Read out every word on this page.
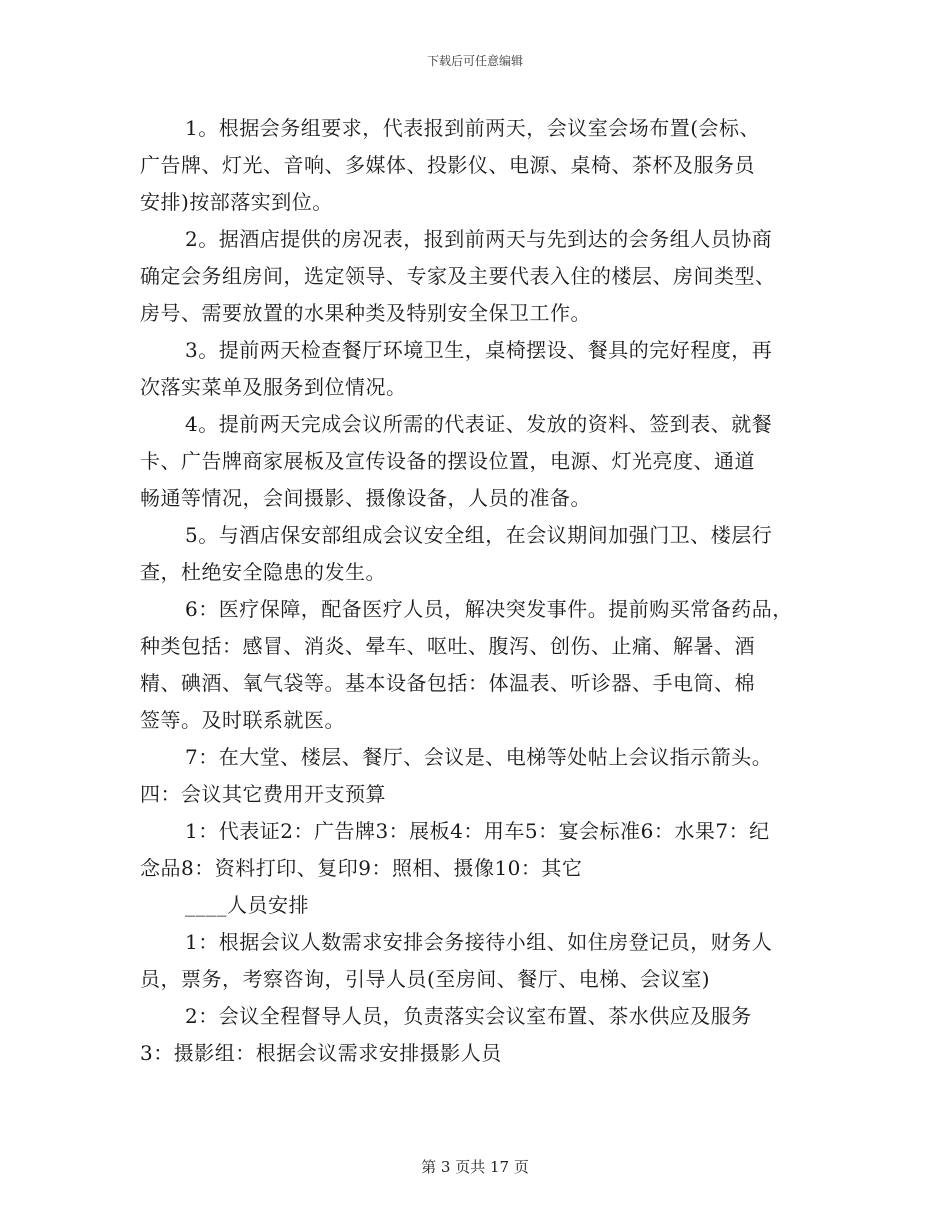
下载后可任意编辑
1。根据会务组要求，代表报到前两天，会议室会场布置(会标、
广告牌、灯光、音响、多媒体、投影仪、电源、桌椅、茶杯及服务员
安排)按部落实到位。
2。据酒店提供的房况表，报到前两天与先到达的会务组人员协商
确定会务组房间，选定领导、专家及主要代表入住的楼层、房间类型、
房号、需要放置的水果种类及特别安全保卫工作。
3。提前两天检查餐厅环境卫生，桌椅摆设、餐具的完好程度，再
次落实菜单及服务到位情况。
4。提前两天完成会议所需的代表证、发放的资料、签到表、就餐
卡、广告牌商家展板及宣传设备的摆设位置，电源、灯光亮度、通道
畅通等情况，会间摄影、摄像设备，人员的准备。
5。与酒店保安部组成会议安全组，在会议期间加强门卫、楼层行
查，杜绝安全隐患的发生。
6：医疗保障，配备医疗人员，解决突发事件。提前购买常备药品，
种类包括：感冒、消炎、晕车、呕吐、腹泻、创伤、止痛、解暑、酒
精、碘酒、氧气袋等。基本设备包括：体温表、听诊器、手电筒、棉
签等。及时联系就医。
7：在大堂、楼层、餐厅、会议是、电梯等处帖上会议指示箭头。
四：会议其它费用开支预算
1：代表证2：广告牌3：展板4：用车5：宴会标准6：水果7：纪
念品8：资料打印、复印9：照相、摄像10：其它
____人员安排
1：根据会议人数需求安排会务接待小组、如住房登记员，财务人
员，票务，考察咨询，引导人员(至房间、餐厅、电梯、会议室)
2：会议全程督导人员，负责落实会议室布置、茶水供应及服务
3：摄影组：根据会议需求安排摄影人员
第 3 页共 17 页
